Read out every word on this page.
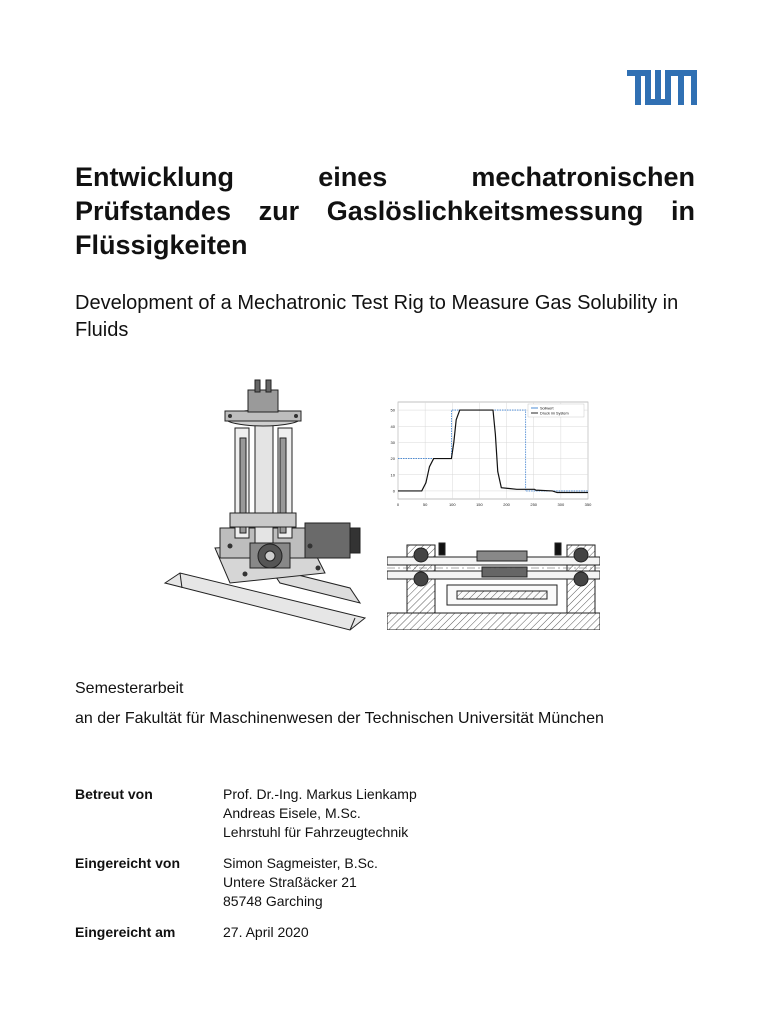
Entwicklung eines mechatronischen Prüfstandes zur Gaslöslichkeitsmessung in Flüssigkeiten
Development of a Mechatronic Test Rig to Measure Gas Solubility in Fluids
0
10
20
30
40
50
0	50	100	150	200	250	300	350
Sollwert
Druck im System
Semesterarbeit
an der Fakultät für Maschinenwesen der Technischen Universität München
Betreut von	Prof. Dr.-Ing. Markus Lienkamp
Andreas Eisele, M.Sc.
Lehrstuhl für Fahrzeugtechnik
Eingereicht von	Simon Sagmeister, B.Sc.
Untere Straßäcker 21
85748 Garching
Eingereicht am	27. April 2020
